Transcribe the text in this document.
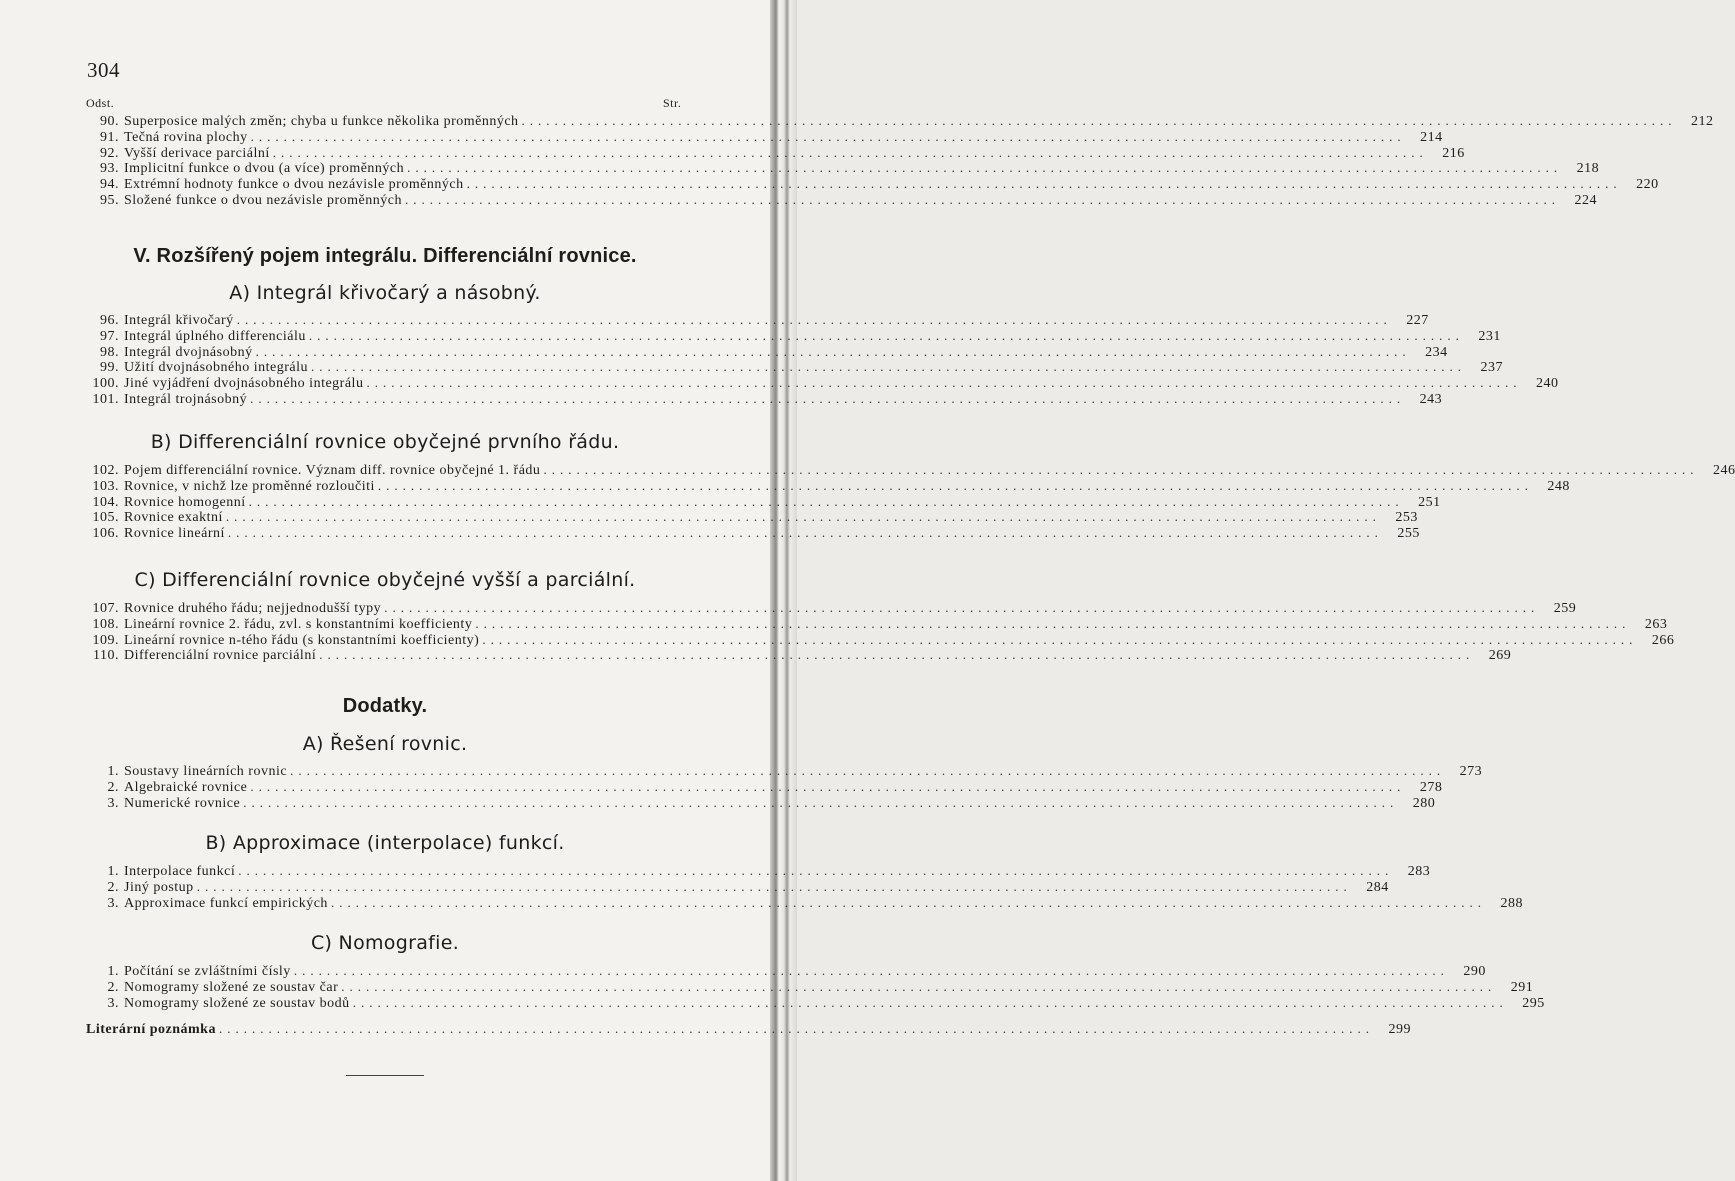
304
Odst.	Str.
90. Superposice malých změn; chyba u funkce několika proměnných ............................................................................................................................................	212
91. Tečná rovina plochy ............................................................................................................................................	214
92. Vyšší derivace parciální ............................................................................................................................................	216
93. Implicitní funkce o dvou (a více) proměnných ............................................................................................................................................	218
94. Extrémní hodnoty funkce o dvou nezávisle proměnných ............................................................................................................................................	220
95. Složené funkce o dvou nezávisle proměnných ............................................................................................................................................	224
V. Rozšířený pojem integrálu. Differenciální rovnice.
A) Integrál křivočarý a násobný.
96. Integrál křivočarý ............................................................................................................................................	227
97. Integrál úplného differenciálu ............................................................................................................................................	231
98. Integrál dvojnásobný ............................................................................................................................................	234
99. Užití dvojnásobného integrálu ............................................................................................................................................	237
100. Jiné vyjádření dvojnásobného integrálu ............................................................................................................................................	240
101. Integrál trojnásobný ............................................................................................................................................	243
B) Differenciální rovnice obyčejné prvního řádu.
102. Pojem differenciální rovnice. Význam diff. rovnice obyčejné 1. řádu ............................................................................................................................................	246
103. Rovnice, v nichž lze proměnné rozloučiti ............................................................................................................................................	248
104. Rovnice homogenní ............................................................................................................................................	251
105. Rovnice exaktní ............................................................................................................................................	253
106. Rovnice lineární ............................................................................................................................................	255
C) Differenciální rovnice obyčejné vyšší a parciální.
107. Rovnice druhého řádu; nejjednodušší typy ............................................................................................................................................	259
108. Lineární rovnice 2. řádu, zvl. s konstantními koefficienty ............................................................................................................................................	263
109. Lineární rovnice n-tého řádu (s konstantními koefficienty) ............................................................................................................................................	266
110. Differenciální rovnice parciální ............................................................................................................................................	269
Dodatky.
A) Řešení rovnic.
1. Soustavy lineárních rovnic ............................................................................................................................................	273
2. Algebraické rovnice ............................................................................................................................................	278
3. Numerické rovnice ............................................................................................................................................	280
B) Approximace (interpolace) funkcí.
1. Interpolace funkcí ............................................................................................................................................	283
2. Jiný postup ............................................................................................................................................	284
3. Approximace funkcí empirických ............................................................................................................................................	288
C) Nomografie.
1. Počítání se zvláštními čísly ............................................................................................................................................	290
2. Nomogramy složené ze soustav čar ............................................................................................................................................	291
3. Nomogramy složené ze soustav bodů ............................................................................................................................................	295
Literární poznámka ............................................................................................................................................	299
